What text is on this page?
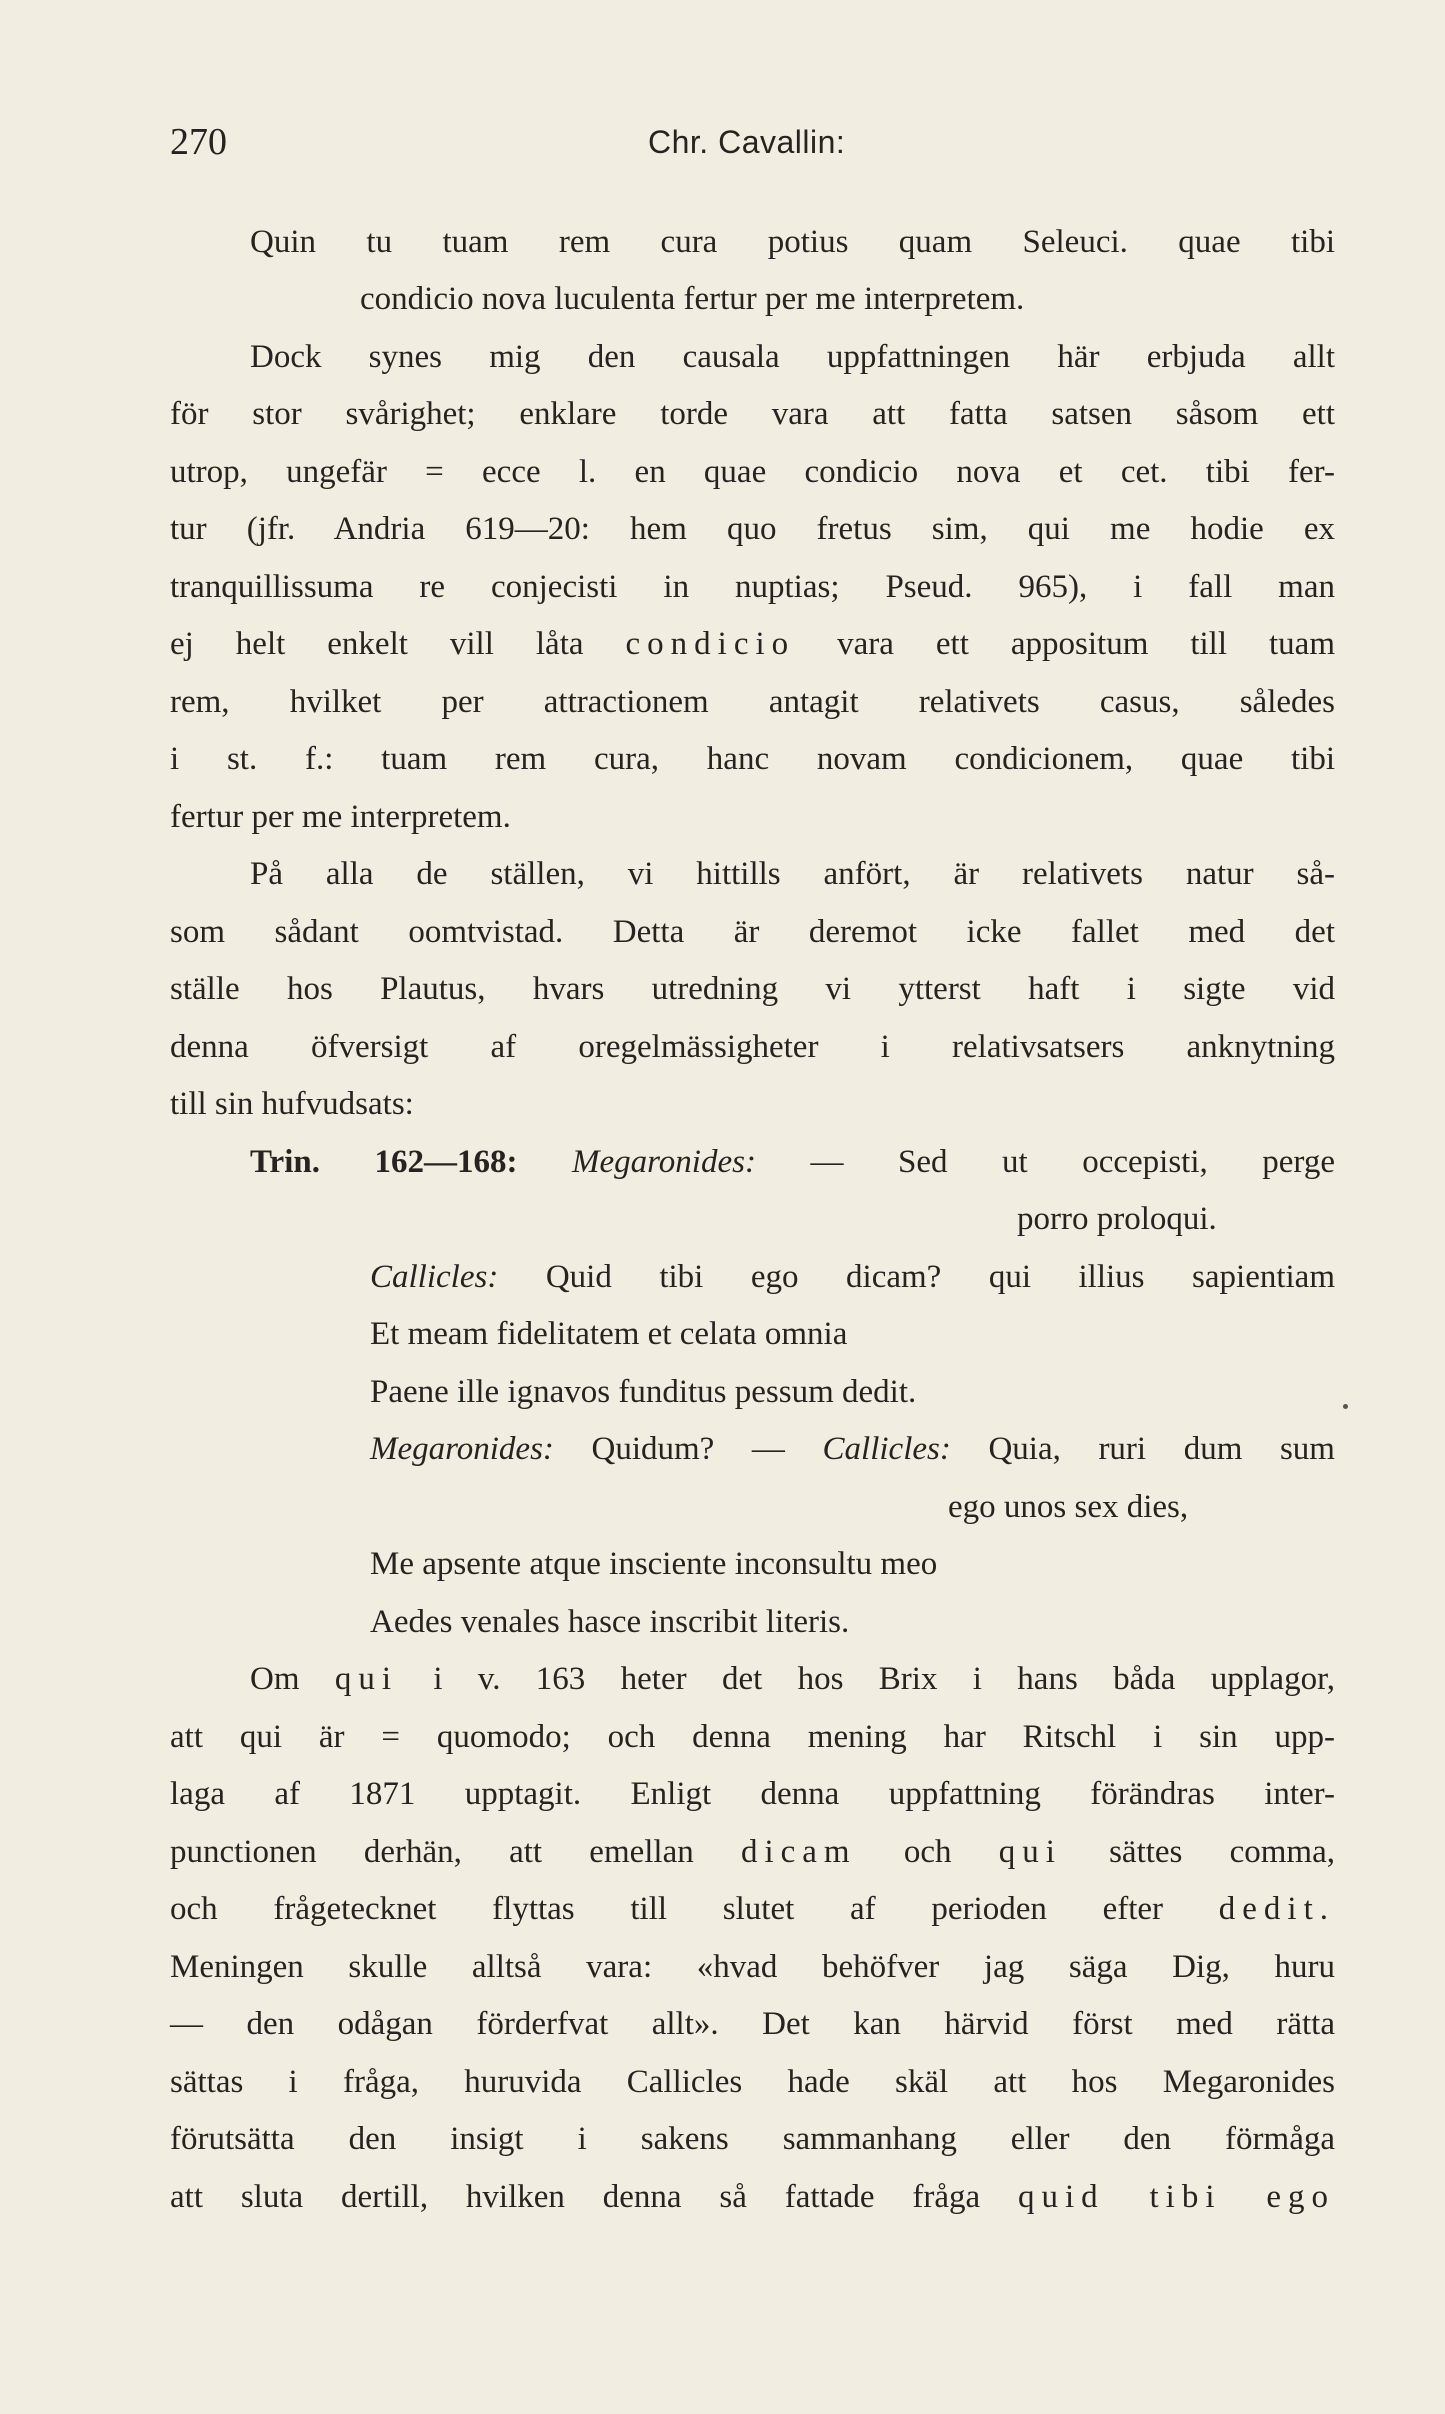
270	Chr. Cavallin:
Quin tu tuam rem cura potius quam Seleuci. quae tibi
condicio nova luculenta fertur per me interpretem.
Dock synes mig den causala uppfattningen här erbjuda allt
för stor svårighet; enklare torde vara att fatta satsen såsom ett
utrop, ungefär = ecce l. en quae condicio nova et cet. tibi fer-
tur (jfr. Andria 619—20: hem quo fretus sim, qui me hodie ex
tranquillissuma re conjecisti in nuptias; Pseud. 965), i fall man
ej helt enkelt vill låta condicio vara ett appositum till tuam
rem, hvilket per attractionem antagit relativets casus, således
i st. f.: tuam rem cura, hanc novam condicionem, quae tibi
fertur per me interpretem.
På alla de ställen, vi hittills anfört, är relativets natur så-
som sådant oomtvistad. Detta är deremot icke fallet med det
ställe hos Plautus, hvars utredning vi ytterst haft i sigte vid
denna öfversigt af oregelmässigheter i relativsatsers anknytning
till sin hufvudsats:
Trin. 162—168: Megaronides: — Sed ut occepisti, perge
porro proloqui.
Callicles: Quid tibi ego dicam? qui illius sapientiam
Et meam fidelitatem et celata omnia
Paene ille ignavos funditus pessum dedit.
Megaronides: Quidum? — Callicles: Quia, ruri dum sum
ego unos sex dies,
Me apsente atque insciente inconsultu meo
Aedes venales hasce inscribit literis.
Om qui i v. 163 heter det hos Brix i hans båda upplagor,
att qui är = quomodo; och denna mening har Ritschl i sin upp-
laga af 1871 upptagit. Enligt denna uppfattning förändras inter-
punctionen derhän, att emellan dicam och qui sättes comma,
och frågetecknet flyttas till slutet af perioden efter dedit.
Meningen skulle alltså vara: «hvad behöfver jag säga Dig, huru
— den odågan förderfvat allt». Det kan härvid först med rätta
sättas i fråga, huruvida Callicles hade skäl att hos Megaronides
förutsätta den insigt i sakens sammanhang eller den förmåga
att sluta dertill, hvilken denna så fattade fråga quid tibi ego
